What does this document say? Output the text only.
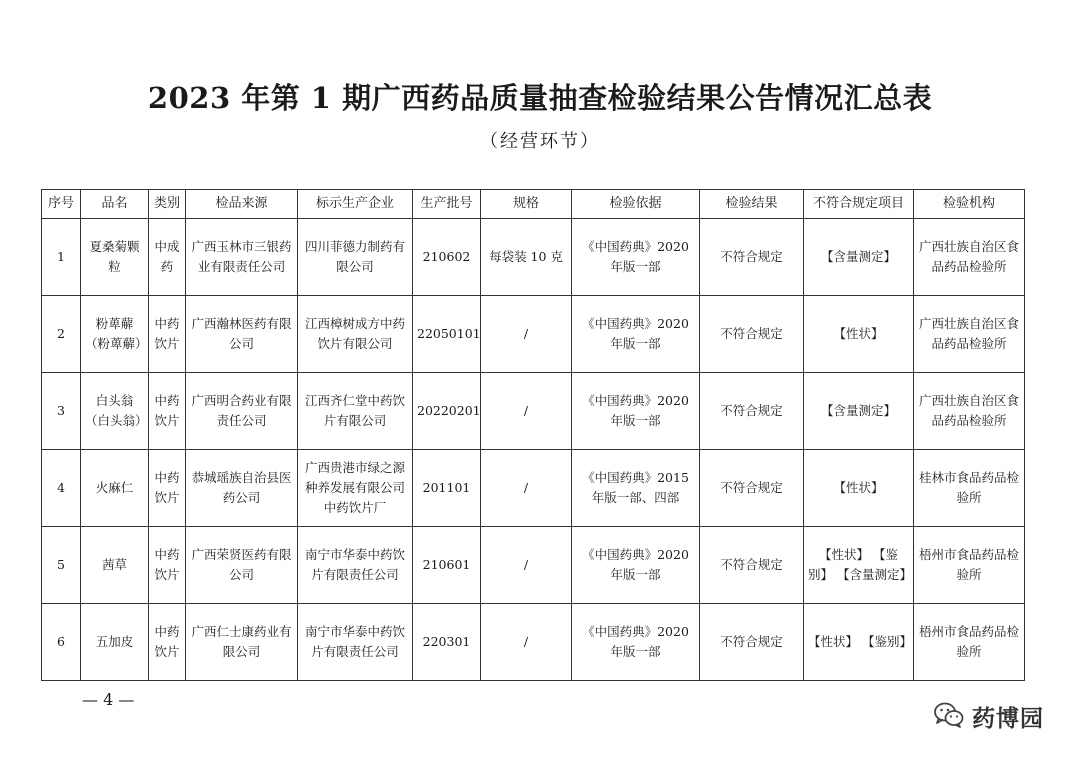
2023 年第 1 期广西药品质量抽查检验结果公告情况汇总表
（经营环节）
序号	品名	类别	检品来源	标示生产企业	生产批号	规格	检验依据	检验结果	不符合规定项目	检验机构
1	夏桑菊颗粒	中成药	广西玉林市三银药业有限责任公司	四川菲德力制药有限公司	210602	每袋装 10 克	《中国药典》2020 年版一部	不符合规定	【含量测定】	广西壮族自治区食品药品检验所
2	粉萆薢（粉萆薢）	中药饮片	广西瀚林医药有限公司	江西樟树成方中药饮片有限公司	22050101	/	《中国药典》2020 年版一部	不符合规定	【性状】	广西壮族自治区食品药品检验所
3	白头翁（白头翁）	中药饮片	广西明合药业有限责任公司	江西齐仁堂中药饮片有限公司	20220201	/	《中国药典》2020 年版一部	不符合规定	【含量测定】	广西壮族自治区食品药品检验所
4	火麻仁	中药饮片	恭城瑶族自治县医药公司	广西贵港市绿之源种养发展有限公司中药饮片厂	201101	/	《中国药典》2015 年版一部、四部	不符合规定	【性状】	桂林市食品药品检验所
5	茜草	中药饮片	广西荣贤医药有限公司	南宁市华泰中药饮片有限责任公司	210601	/	《中国药典》2020 年版一部	不符合规定	【性状】 【鉴别】 【含量测定】	梧州市食品药品检验所
6	五加皮	中药饮片	广西仁士康药业有限公司	南宁市华泰中药饮片有限责任公司	220301	/	《中国药典》2020 年版一部	不符合规定	【性状】 【鉴别】	梧州市食品药品检验所
— 4 —
药博园
